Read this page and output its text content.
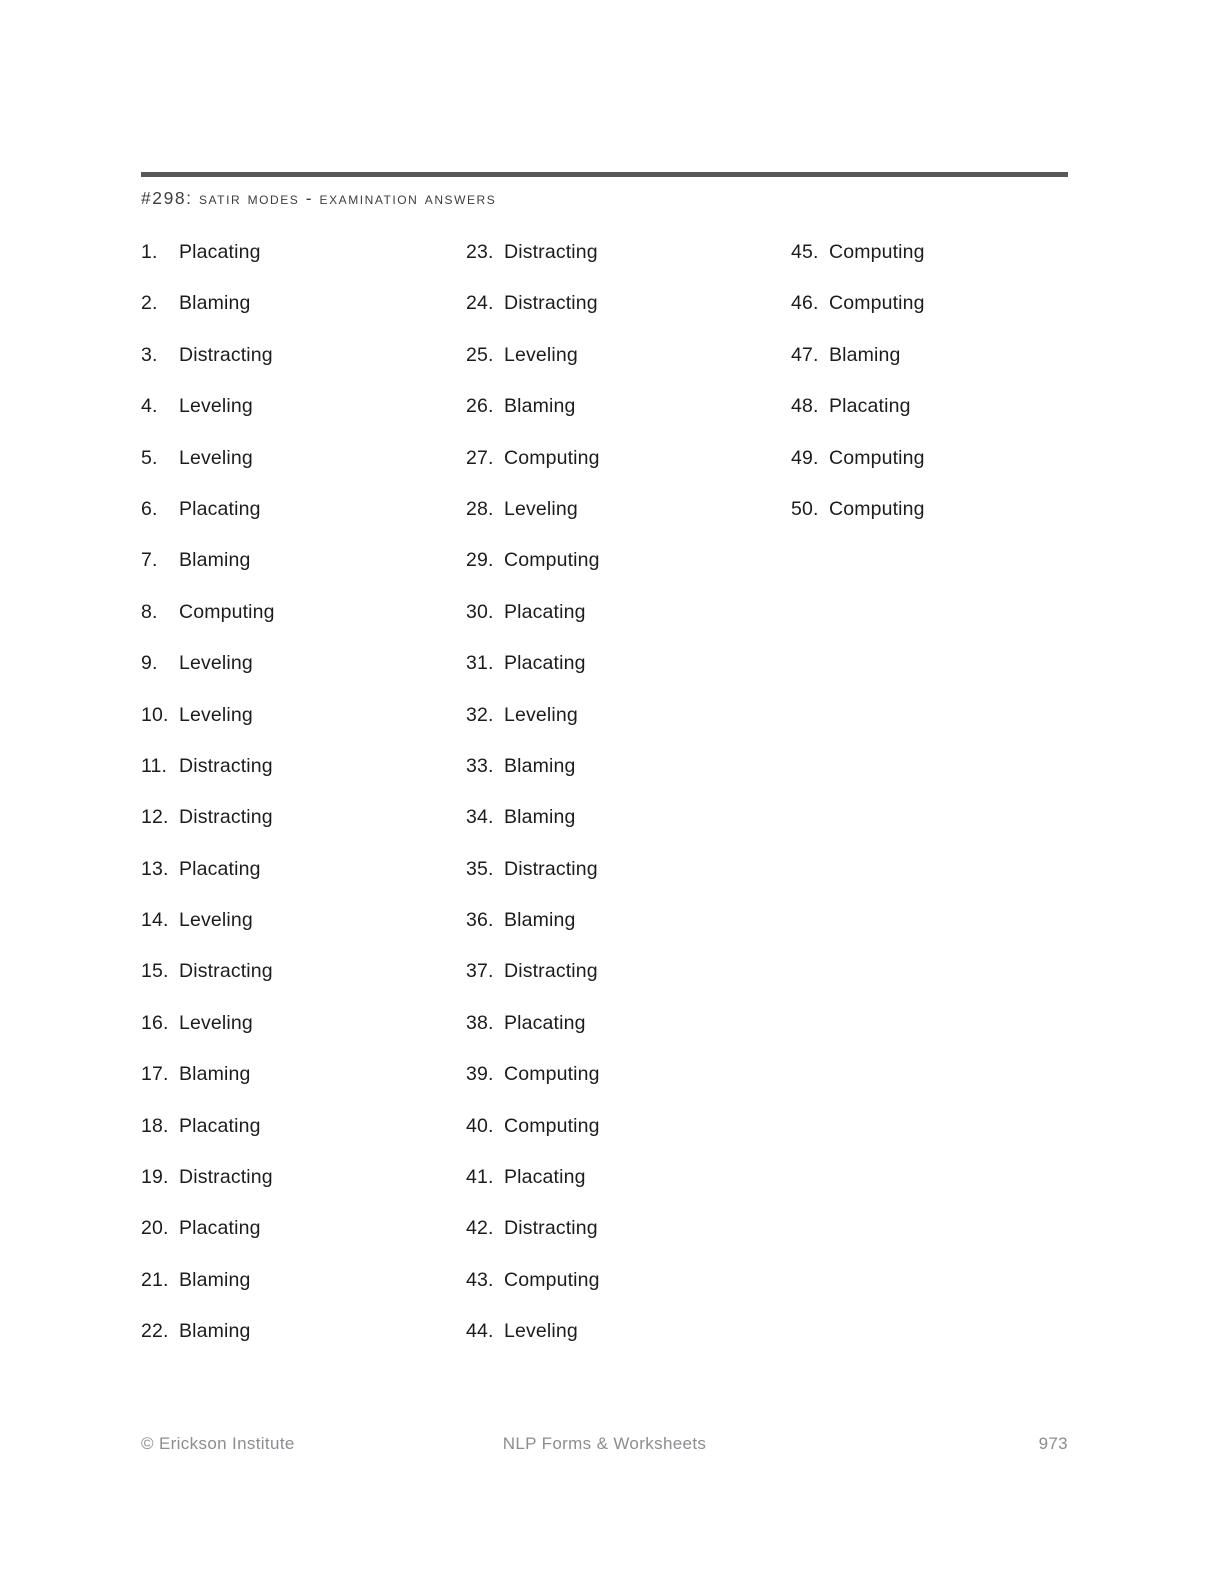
#298: satir modes - examination answers
1.	Placating
2.	Blaming
3.	Distracting
4.	Leveling
5.	Leveling
6.	Placating
7.	Blaming
8.	Computing
9.	Leveling
10. Leveling
11. Distracting
12. Distracting
13. Placating
14. Leveling
15. Distracting
16. Leveling
17. Blaming
18. Placating
19. Distracting
20. Placating
21. Blaming
22. Blaming
23. Distracting
24. Distracting
25. Leveling
26. Blaming
27. Computing
28. Leveling
29. Computing
30. Placating
31. Placating
32. Leveling
33. Blaming
34. Blaming
35. Distracting
36. Blaming
37. Distracting
38. Placating
39. Computing
40. Computing
41. Placating
42. Distracting
43. Computing
44. Leveling
45. Computing
46. Computing
47. Blaming
48. Placating
49. Computing
50. Computing
© Erickson Institute	NLP Forms & Worksheets	973
